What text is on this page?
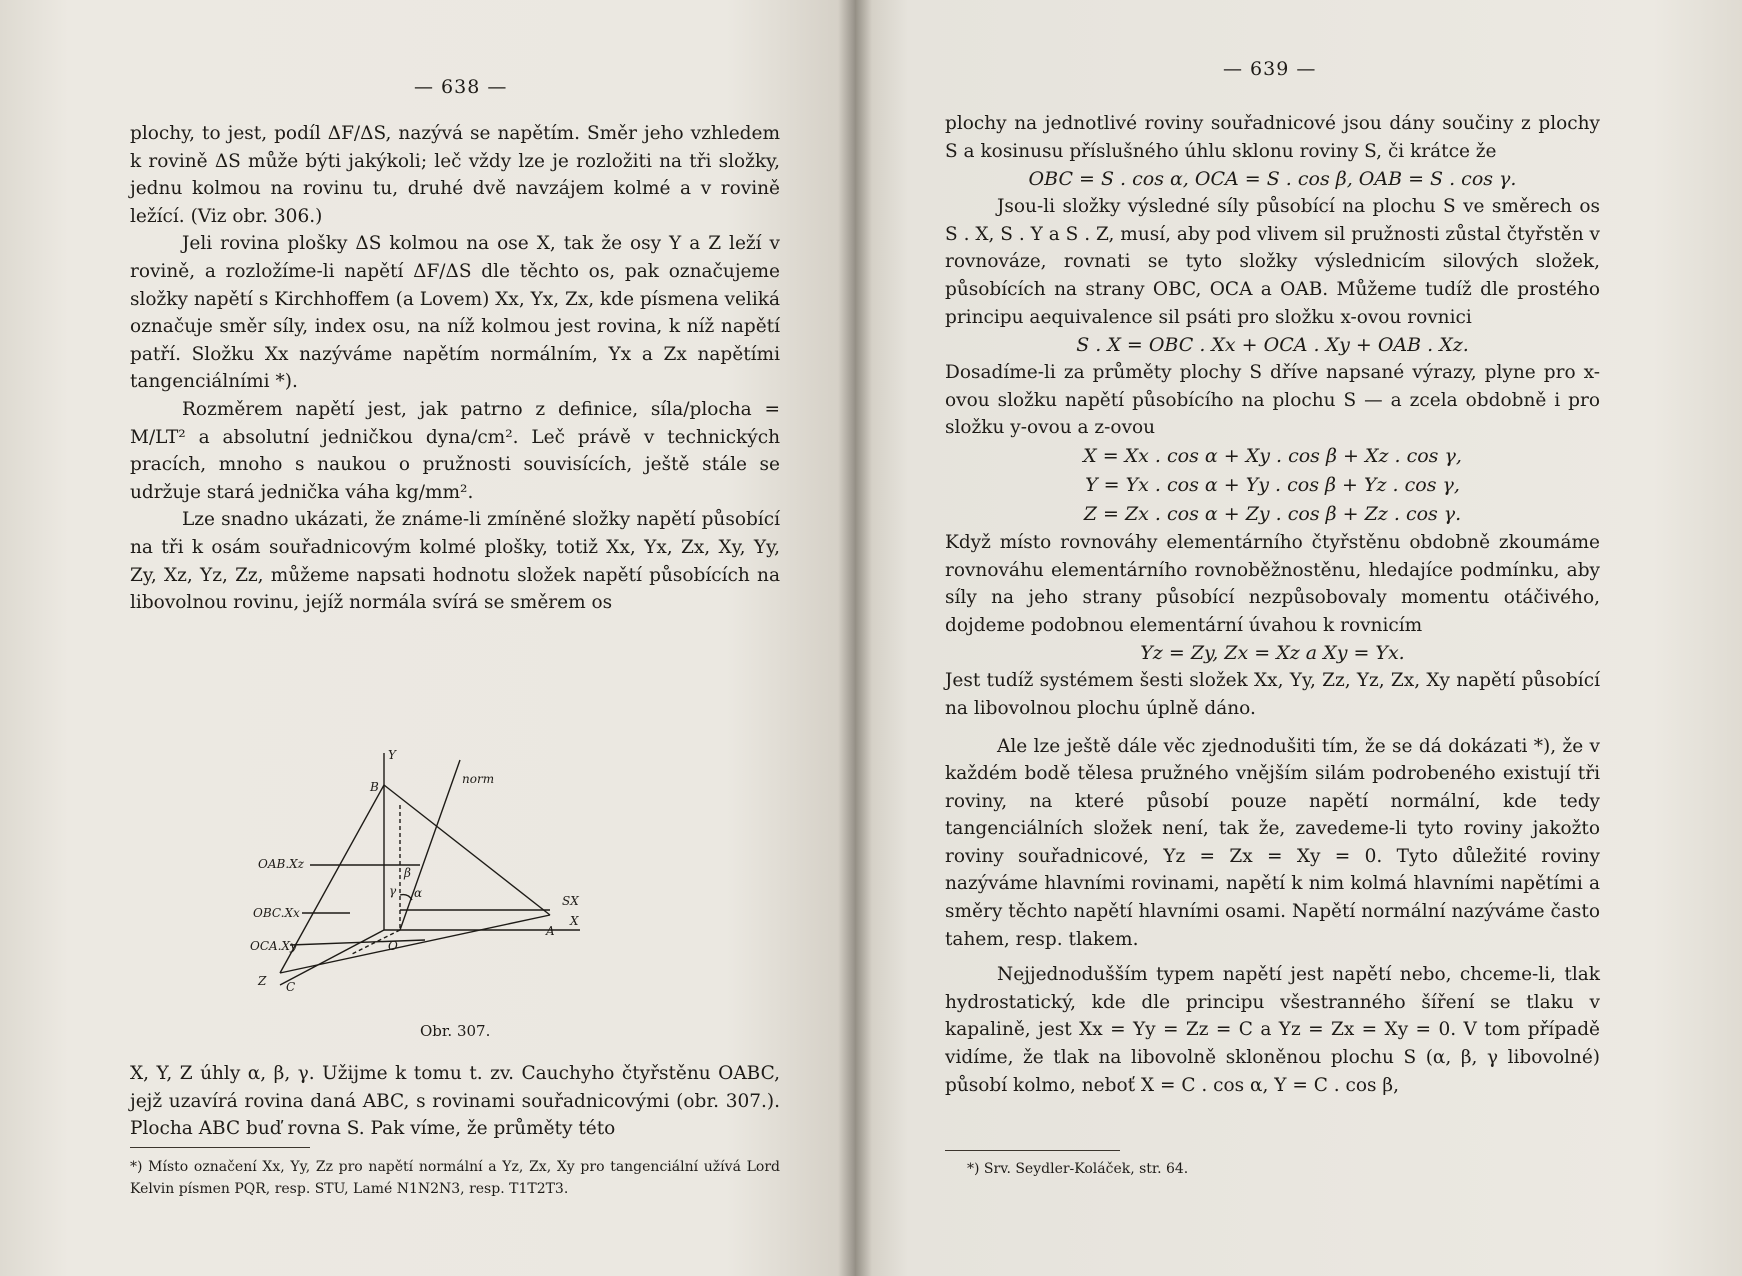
— 638 —

plochy, to jest, podíl ΔF/ΔS, nazývá se napětím. Směr jeho vzhledem k rovině ΔS může býti jakýkoli; leč vždy lze je rozložiti na tři složky, jednu kolmou na rovinu tu, druhé dvě navzájem kolmé a v rovině ležící. (Viz obr. 306.)

Jeli rovina plošky ΔS kolmou na ose X, tak že osy Y a Z leží v rovině, a rozložíme-li napětí ΔF/ΔS dle těchto os, pak označujeme složky napětí s Kirchhoffem (a Lovem) Xx, Yx, Zx, kde písmena veliká označuje směr síly, index osu, na níž kolmou jest rovina, k níž napětí patří. Složku Xx nazýváme napětím normálním, Yx a Zx napětími tangenciálními *).

Rozměrem napětí jest, jak patrno z definice, síla/plocha = M/LT² a absolutní jedničkou dyna/cm². Leč právě v technických pracích, mnoho s naukou o pružnosti souvisících, ještě stále se udržuje stará jednička váha kg/mm².

Lze snadno ukázati, že známe-li zmíněné složky napětí působící na tři k osám souřadnicovým kolmé plošky, totiž Xx, Yx, Zx, Xy, Yy, Zy, Xz, Yz, Zz, můžeme napsati hodnotu složek napětí působících na libovolnou rovinu, jejíž normála svírá se směrem os

Y
B
norm
OAB.Xz
OBC.Xx
OCA.Xy
Z C
O
A
X
SX
α
β
γ
Obr. 307.
X, Y, Z úhly α, β, γ. Užijme k tomu t. zv. Cauchyho čtyřstěnu OABC, jejž uzavírá rovina daná ABC, s rovinami souřadnicovými (obr. 307.). Plocha ABC buď rovna S. Pak víme, že průměty této
*) Místo označení Xx, Yy, Zz pro napětí normální a Yz, Zx, Xy pro tangenciální užívá Lord Kelvin písmen PQR, resp. STU, Lamé N1N2N3, resp. T1T2T3.
— 639 —

plochy na jednotlivé roviny souřadnicové jsou dány součiny z plochy S a kosinusu příslušného úhlu sklonu roviny S, či krátce že

OBC = S . cos α, OCA = S . cos β, OAB = S . cos γ.

Jsou-li složky výsledné síly působící na plochu S ve směrech os S . X, S . Y a S . Z, musí, aby pod vlivem sil pružnosti zůstal čtyřstěn v rovnováze, rovnati se tyto složky výslednicím silových složek, působících na strany OBC, OCA a OAB. Můžeme tudíž dle prostého principu aequivalence sil psáti pro složku x-ovou rovnici

S . X = OBC . Xx + OCA . Xy + OAB . Xz.

Dosadíme-li za průměty plochy S dříve napsané výrazy, plyne pro x-ovou složku napětí působícího na plochu S — a zcela obdobně i pro složku y-ovou a z-ovou

X = Xx . cos α + Xy . cos β + Xz . cos γ,

Y = Yx . cos α + Yy . cos β + Yz . cos γ,

Z = Zx . cos α + Zy . cos β + Zz . cos γ.

Když místo rovnováhy elementárního čtyřstěnu obdobně zkoumáme rovnováhu elementárního rovnoběžnostěnu, hledajíce podmínku, aby síly na jeho strany působící nezpůsobovaly momentu otáčivého, dojdeme podobnou elementární úvahou k rovnicím

Yz = Zy, Zx = Xz a Xy = Yx.

Jest tudíž systémem šesti složek Xx, Yy, Zz, Yz, Zx, Xy napětí působící na libovolnou plochu úplně dáno.

Ale lze ještě dále věc zjednodušiti tím, že se dá dokázati *), že v každém bodě tělesa pružného vnějším silám podrobeného existují tři roviny, na které působí pouze napětí normální, kde tedy tangenciálních složek není, tak že, zavedeme-li tyto roviny jakožto roviny souřadnicové, Yz = Zx = Xy = 0. Tyto důležité roviny nazýváme hlavními rovinami, napětí k nim kolmá hlavními napětími a směry těchto napětí hlavními osami. Napětí normální nazýváme často tahem, resp. tlakem.

Nejjednodušším typem napětí jest napětí nebo, chceme-li, tlak hydrostatický, kde dle principu všestranného šíření se tlaku v kapalině, jest Xx = Yy = Zz = C a Yz = Zx = Xy = 0. V tom případě vidíme, že tlak na libovolně skloněnou plochu S (α, β, γ libovolné) působí kolmo, neboť X = C . cos α, Y = C . cos β,

*) Srv. Seydler-Koláček, str. 64.
